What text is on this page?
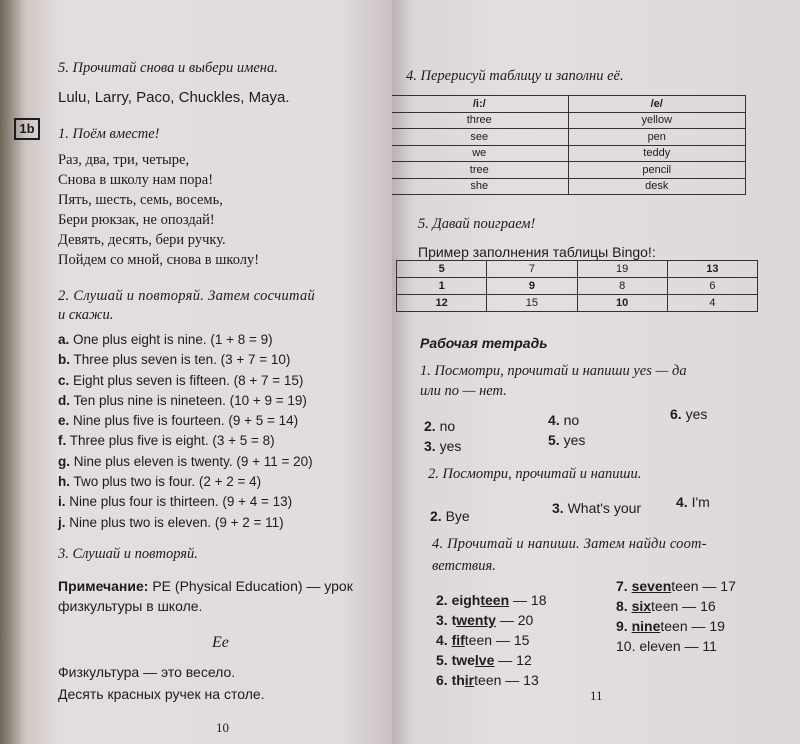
5. Прочитай снова и выбери имена.
Lulu, Larry, Paco, Chuckles, Maya.
1b	1. Поём вместе!
Раз, два, три, четыре,
Снова в школу нам пора!
Пять, шесть, семь, восемь,
Бери рюкзак, не опоздай!
Девять, десять, бери ручку.
Пойдем со мной, снова в школу!
2. Слушай и повторяй. Затем сосчитай
и скажи.
a. One plus eight is nine. (1 + 8 = 9)
b. Three plus seven is ten. (3 + 7 = 10)
c. Eight plus seven is fifteen. (8 + 7 = 15)
d. Ten plus nine is nineteen. (10 + 9 = 19)
e. Nine plus five is fourteen. (9 + 5 = 14)
f. Three plus five is eight. (3 + 5 = 8)
g. Nine plus eleven is twenty. (9 + 11 = 20)
h. Two plus two is four. (2 + 2 = 4)
i. Nine plus four is thirteen. (9 + 4 = 13)
j. Nine plus two is eleven. (9 + 2 = 11)
3. Слушай и повторяй.
Примечание: PE (Physical Education) — урок
физкультуры в школе.
Ee
Физкультура — это весело.
Десять красных ручек на столе.
10
4. Перерисуй таблицу и заполни её.
/i:/	/e/
three	yellow
see	pen
we	teddy
tree	pencil
she	desk
5. Давай поиграем!
Пример заполнения таблицы Bingo!:
5	7	19	13
1	9	8	6
12	15	10	4
Рабочая тетрадь
1. Посмотри, прочитай и напиши yes — да
или no — нет.
2. no
3. yes
4. no
5. yes
6. yes
2. Посмотри, прочитай и напиши.
2. Bye	3. What's your 4. I'm
4. Прочитай и напиши. Затем найди соот-
ветствия.
2. eighteen — 18
3. twenty — 20
4. fifteen — 15
5. twelve — 12
6. thirteen — 13
7. seventeen — 17
8. sixteen — 16
9. nineteen — 19
10. eleven — 11
11
